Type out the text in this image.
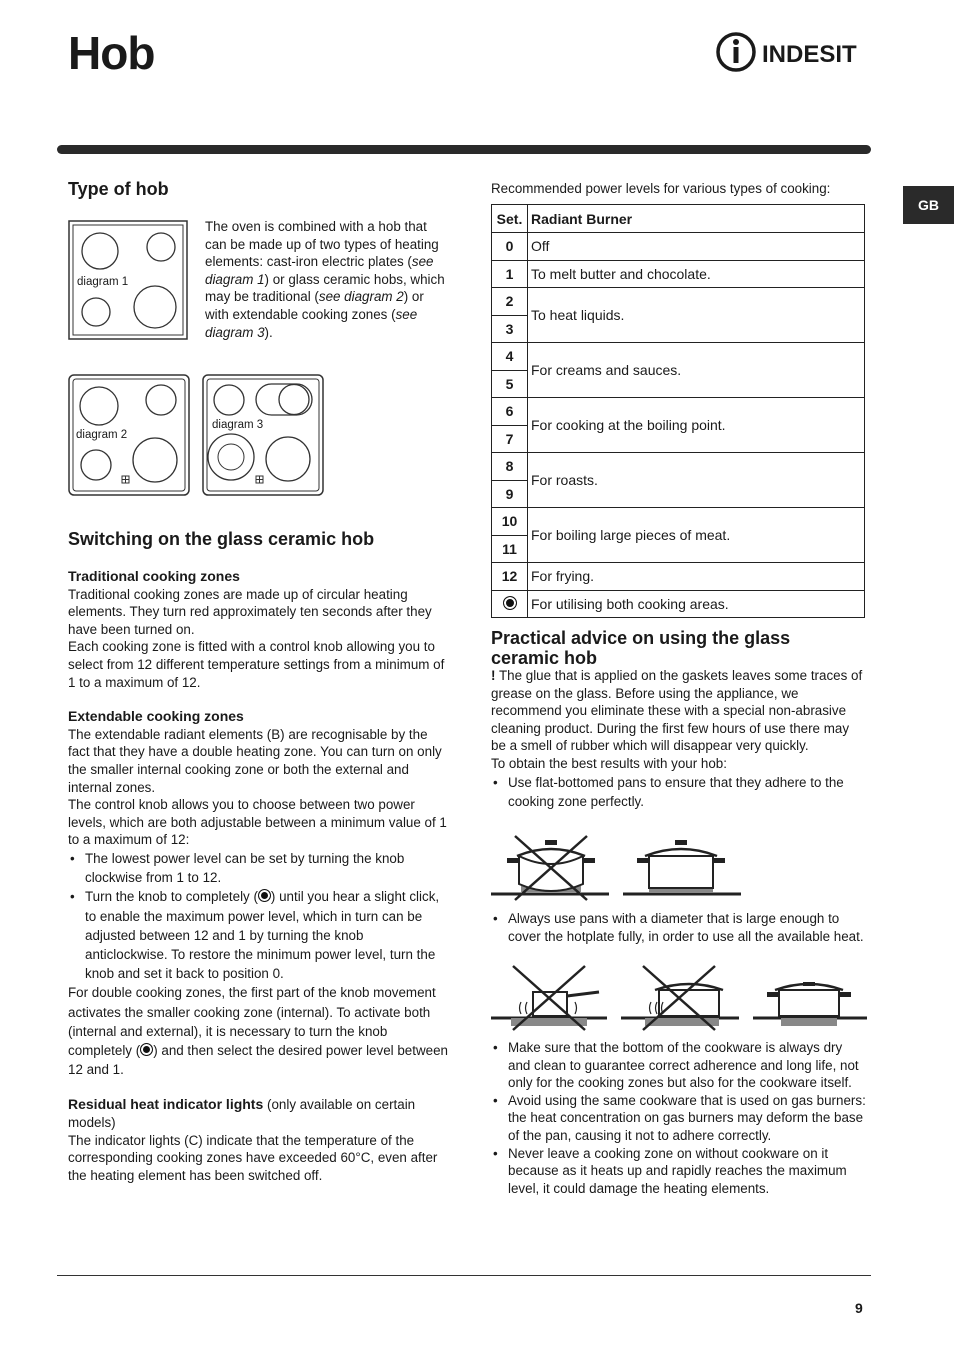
Hob	INDESIT
GB
Type of hob
The oven is combined with a hob that can be made up of two types of heating elements: cast-iron electric plates (see diagram 1) or glass ceramic hobs, which may be traditional (see diagram 2) or with extendable cooking zones (see diagram 3).
diagram 1
diagram 2
diagram 3
Switching on the glass ceramic hob
Traditional cooking zones

Traditional cooking zones are made up of circular heating elements. They turn red approximately ten seconds after they have been turned on.

Each cooking zone is fitted with a control knob allowing you to select from 12 different temperature settings from a minimum of 1 to a maximum of 12.

Extendable cooking zones

The extendable radiant elements (B) are recognisable by the fact that they have a double heating zone. You can turn on only the smaller internal cooking zone or both the external and internal zones.

The control knob allows you to choose between two power levels, which are both adjustable between a minimum value of 1 to a maximum of 12:

• The lowest power level can be set by turning the knob clockwise from 1 to 12.
• Turn the knob to completely ( ) until you hear a slight click, to enable the maximum power level, which in turn can be adjusted between 12 and 1 by turning the knob anticlockwise. To restore the minimum power level, turn the knob and set it back to position 0.

For double cooking zones, the first part of the knob movement activates the smaller cooking zone (internal). To activate both (internal and external), it is necessary to turn the knob completely ( ) and then select the desired power level between 12 and 1.

Residual heat indicator lights (only available on certain models)

The indicator lights (C) indicate that the temperature of the corresponding cooking zones have exceeded 60°C, even after the heating element has been switched off.

Recommended power levels for various types of cooking:
Set.	Radiant Burner
0	Off
1	To melt butter and chocolate.
2	To heat liquids.
3	
4	For creams and sauces.
5	
6	For cooking at the boiling point.
7	
8	For roasts.
9	
10	For boiling large pieces of meat.
11	
12	For frying.
	For utilising both cooking areas.
Practical advice on using the glass ceramic hob

! The glue that is applied on the gaskets leaves some traces of grease on the glass. Before using the appliance, we recommend you eliminate these with a special non-abrasive cleaning product. During the first few hours of use there may be a smell of rubber which will disappear very quickly.

To obtain the best results with your hob:

• Use flat-bottomed pans to ensure that they adhere to the cooking zone perfectly.
• Always use pans with a diameter that is large enough to cover the hotplate fully, in order to use all the available heat.
• Make sure that the bottom of the cookware is always dry and clean to guarantee correct adherence and long life, not only for the cooking zones but also for the cookware itself.
• Avoid using the same cookware that is used on gas burners: the heat concentration on gas burners may deform the base of the pan, causing it not to adhere correctly.
• Never leave a cooking zone on without cookware on it because as it heats up and rapidly reaches the maximum level, it could damage the heating elements.
9
